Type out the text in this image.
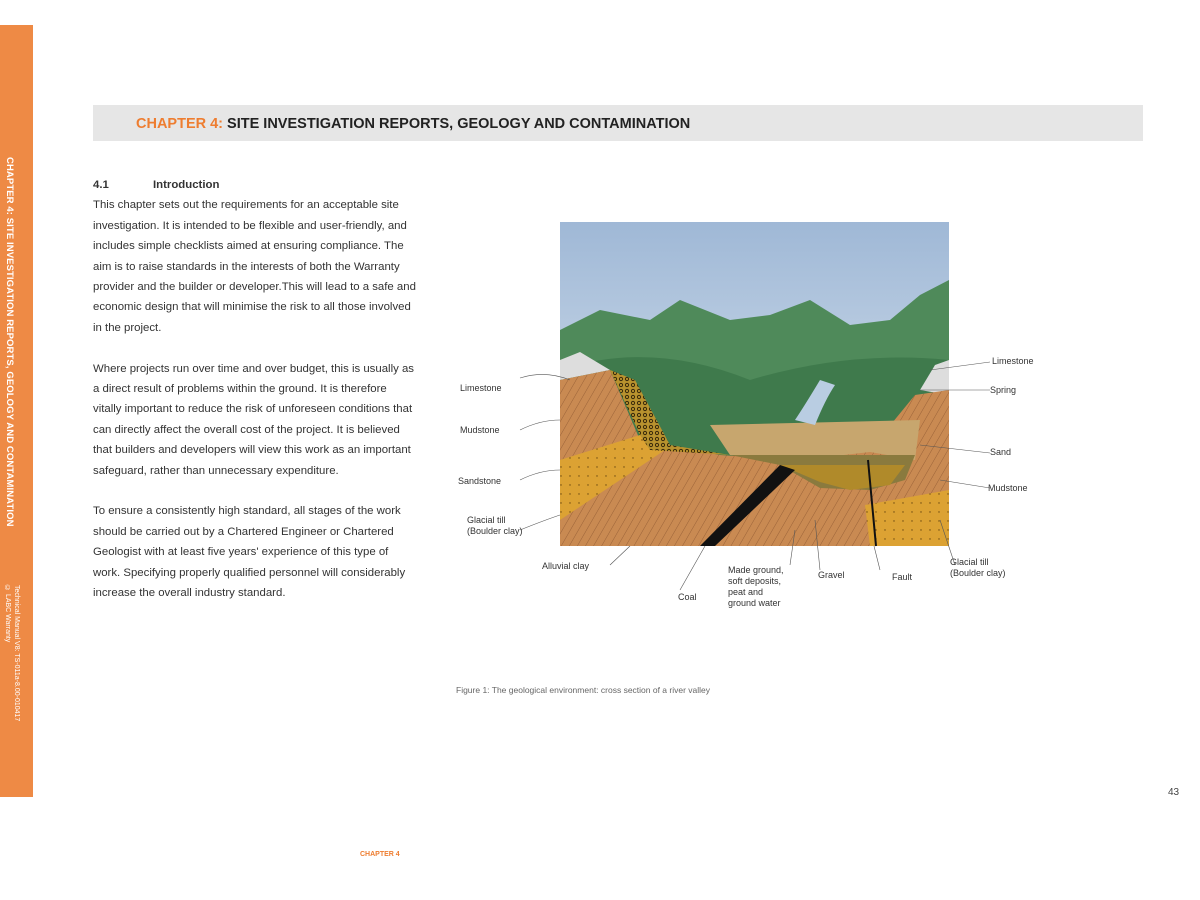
CHAPTER 4: SITE INVESTIGATION REPORTS, GEOLOGY AND CONTAMINATION
Technical Manual V8: TS-011a-8.00-010417
© LABC Warranty
CHAPTER 4: SITE INVESTIGATION REPORTS, GEOLOGY AND CONTAMINATION
4.1	Introduction

This chapter sets out the requirements for an acceptable site investigation. It is intended to be flexible and user-friendly, and includes simple checklists aimed at ensuring compliance. The aim is to raise standards in the interests of both the Warranty provider and the builder or developer.This will lead to a safe and economic design that will minimise the risk to all those involved in the project.

Where projects run over time and over budget, this is usually as a direct result of problems within the ground. It is therefore vitally important to reduce the risk of unforeseen conditions that can directly affect the overall cost of the project. It is believed that builders and developers will view this work as an important safeguard, rather than unnecessary expenditure.

To ensure a consistently high standard, all stages of the work should be carried out by a Chartered Engineer or Chartered Geologist with at least five years' experience of this type of work. Specifying properly qualified personnel will considerably increase the overall industry standard.

Limestone
Mudstone
Sandstone
Glacial till
(Boulder clay)
Alluvial clay
Coal
Made ground,
soft deposits,
peat and
ground water
Gravel	Fault
Glacial till
(Boulder clay)
Limestone
Spring
Sand
Mudstone
Figure 1: The geological environment: cross section of a river valley
43
CHAPTER 4
